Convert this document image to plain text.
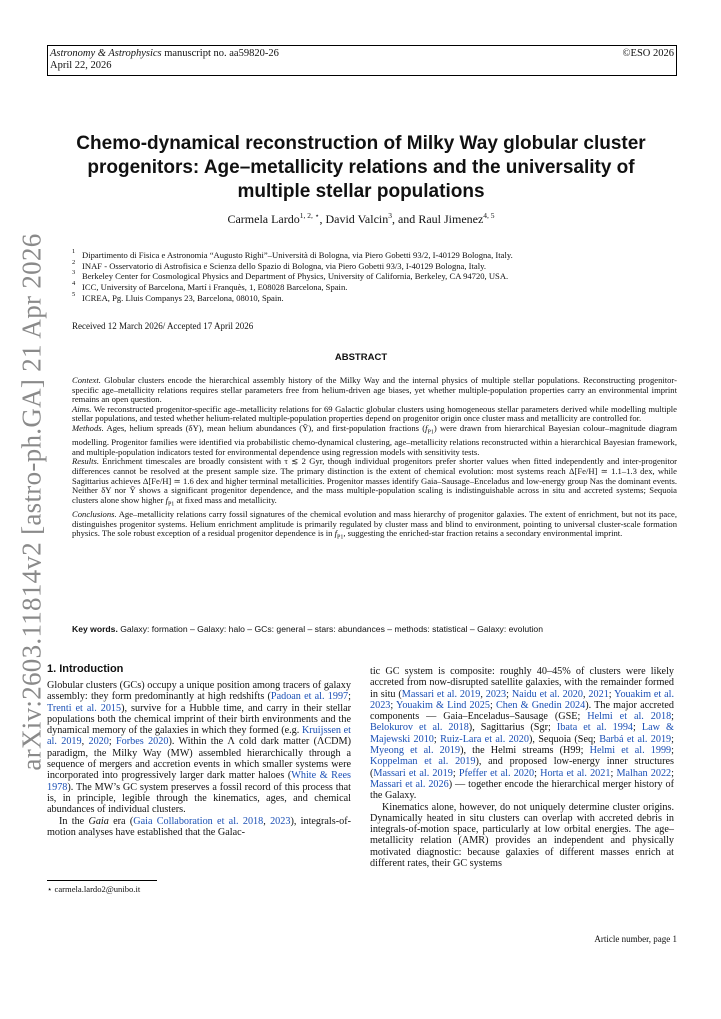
Astronomy & Astrophysics manuscript no. aa59820-26
April 22, 2026
©ESO 2026
arXiv:2603.11814v2 [astro-ph.GA] 21 Apr 2026
Chemo-dynamical reconstruction of Milky Way globular cluster progenitors: Age–metallicity relations and the universality of multiple stellar populations
Carmela Lardo$^{1, 2, ⋆}$, David Valcin$^3$, and Raul Jimenez$^{4, 5}$
1 Dipartimento di Fisica e Astronomia “Augusto Righi”–Università di Bologna, via Piero Gobetti 93/2, I-40129 Bologna, Italy.
2 INAF - Osservatorio di Astrofisica e Scienza dello Spazio di Bologna, via Piero Gobetti 93/3, I-40129 Bologna, Italy.
3 Berkeley Center for Cosmological Physics and Department of Physics, University of California, Berkeley, CA 94720, USA.
4 ICC, University of Barcelona, Martí i Franquès, 1, E08028 Barcelona, Spain.
5 ICREA, Pg. Lluis Companys 23, Barcelona, 08010, Spain.
Received 12 March 2026/ Accepted 17 April 2026
ABSTRACT

Context. Globular clusters encode the hierarchical assembly history of the Milky Way and the internal physics of multiple stellar populations. Reconstructing progenitor-specific age–metallicity relations requires stellar parameters free from helium-driven age biases, yet whether multiple-population properties carry an environmental imprint remains an open question.

Aims. We reconstructed progenitor-specific age–metallicity relations for 69 Galactic globular clusters using homogeneous stellar parameters derived while modelling multiple stellar populations, and tested whether helium-related multiple-population properties depend on progenitor origin once cluster mass and metallicity are controlled for.

Methods. Ages, helium spreads (δY), mean helium abundances (Ȳ), and first-population fractions $(f_{P1})$ were drawn from hierarchical Bayesian colour–magnitude diagram modelling. Progenitor families were identified via probabilistic chemo-dynamical clustering, age–metallicity relations reconstructed within a hierarchical Bayesian framework, and multiple-population indicators tested for environmental dependence using regression models with sensitivity tests.

Results. Enrichment timescales are broadly consistent with τ ≲ 2 Gyr, though individual progenitors prefer shorter values when fitted independently and inter-progenitor differences cannot be resolved at the present sample size. The primary distinction is the extent of chemical evolution: most systems reach Δ[Fe/H] ≃ 1.1–1.3 dex, while Sagittarius achieves Δ[Fe/H] ≃ 1.6 dex and higher terminal metallicities. Progenitor masses identify Gaia–Sausage–Enceladus and low-energy group Nas the dominant events. Neither δY nor Ȳ shows a significant progenitor dependence, and the mass multiple-population scaling is indistinguishable across in situ and accreted systems; Sequoia clusters alone show higher $f_{P1}$ at fixed mass and metallicity.

Conclusions. Age–metallicity relations carry fossil signatures of the chemical evolution and mass hierarchy of progenitor galaxies. The extent of enrichment, but not its pace, distinguishes progenitor systems. Helium enrichment amplitude is primarily regulated by cluster mass and blind to environment, pointing to universal cluster-scale formation physics. The sole robust exception of a residual progenitor dependence is in $f_{P1}$, suggesting the enriched-star fraction retains a secondary environmental imprint.

Key words. Galaxy: formation – Galaxy: halo – GCs: general – stars: abundances – methods: statistical – Galaxy: evolution
1. Introduction

Globular clusters (GCs) occupy a unique position among tracers of galaxy assembly: they form predominantly at high redshifts (Padoan et al. 1997; Trenti et al. 2015), survive for a Hubble time, and carry in their stellar populations both the chemical imprint of their birth environments and the dynamical memory of the galaxies in which they formed (e.g. Kruijssen et al. 2019, 2020; Forbes 2020). Within the Λ cold dark matter (ΛCDM) paradigm, the Milky Way (MW) assembled hierarchically through a sequence of mergers and accretion events in which smaller systems were incorporated into progressively larger dark matter haloes (White & Rees 1978). The MW’s GC system preserves a fossil record of this process that is, in principle, legible through the kinematics, ages, and chemical abundances of individual clusters.

In the Gaia era (Gaia Collaboration et al. 2018, 2023), integrals-of-motion analyses have established that the Galac-

tic GC system is composite: roughly 40–45% of clusters were likely accreted from now-disrupted satellite galaxies, with the remainder formed in situ (Massari et al. 2019, 2023; Naidu et al. 2020, 2021; Youakim et al. 2023; Youakim & Lind 2025; Chen & Gnedin 2024). The major accreted components — Gaia–Enceladus–Sausage (GSE; Helmi et al. 2018; Belokurov et al. 2018), Sagittarius (Sgr; Ibata et al. 1994; Law & Majewski 2010; Ruiz-Lara et al. 2020), Sequoia (Seq; Barbá et al. 2019; Myeong et al. 2019), the Helmi streams (H99; Helmi et al. 1999; Koppelman et al. 2019), and proposed low-energy inner structures (Massari et al. 2019; Pfeffer et al. 2020; Horta et al. 2021; Malhan 2022; Massari et al. 2026) — together encode the hierarchical merger history of the Galaxy.

Kinematics alone, however, do not uniquely determine cluster origins. Dynamically heated in situ clusters can overlap with accreted debris in integrals-of-motion space, particularly at low orbital energies. The age–metallicity relation (AMR) provides an independent and physically motivated diagnostic: because galaxies of different masses enrich at different rates, their GC systems

⋆ carmela.lardo2@unibo.it
Article number, page 1
